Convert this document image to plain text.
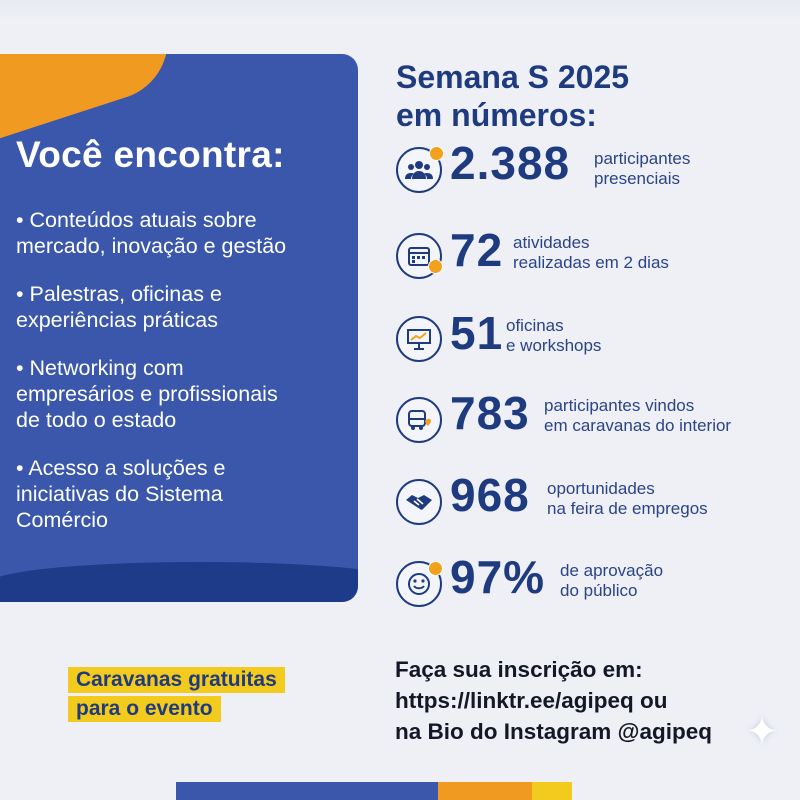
Você encontra:
• Conteúdos atuais sobre
mercado, inovação e gestão
• Palestras, oficinas e
experiências práticas
• Networking com
empresários e profissionais
de todo o estado
• Acesso a soluções e
iniciativas do Sistema
Comércio
Semana S 2025
em números:
2.388 participantes
presenciais
72 atividades
realizadas em 2 dias
51 oficinas
e workshops
783 participantes vindos
em caravanas do interior
968 oportunidades
na feira de empregos
97% de aprovação
do público
Caravanas gratuitas
para o evento
Faça sua inscrição em:
https://linktr.ee/agipeq ou
na Bio do Instagram @agipeq ✦
